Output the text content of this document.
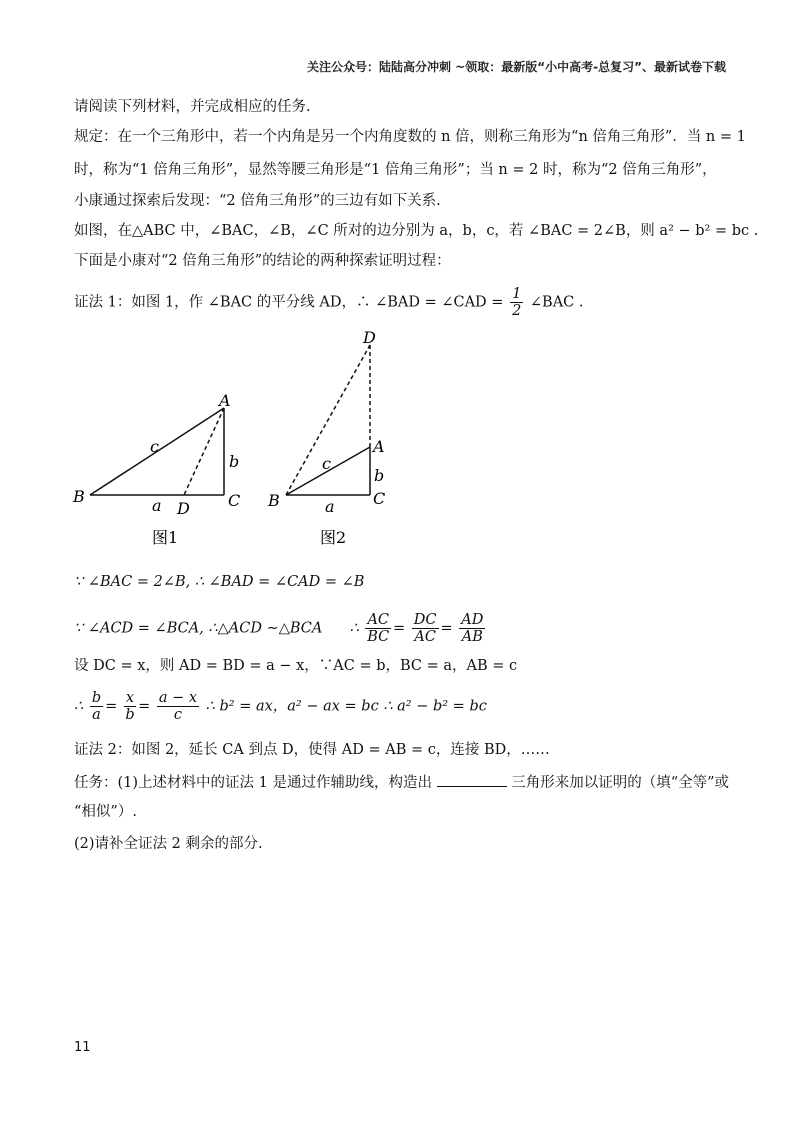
关注公众号：陆陆高分冲刺 ~领取：最新版“小中高考-总复习”、最新试卷下载
请阅读下列材料，并完成相应的任务.
规定：在一个三角形中，若一个内角是另一个内角度数的 n 倍，则称三角形为“n 倍角三角形”．当 n = 1
时，称为“1 倍角三角形”，显然等腰三角形是“1 倍角三角形”；当 n = 2 时，称为“2 倍角三角形”，
小康通过探索后发现：“2 倍角三角形”的三边有如下关系.
如图，在△ABC 中，∠BAC，∠B，∠C 所对的边分别为 a，b，c，若 ∠BAC = 2∠B，则 a² − b² = bc .
下面是小康对“2 倍角三角形”的结论的两种探索证明过程：
证法 1：如图 1，作 ∠BAC 的平分线 AD，∴ ∠BAD = ∠CAD = $\frac{1}{2}$ ∠BAC .
A
B	C
D
a
b
c
图1
D
A
B	C
a
b
c
图2
∵ ∠BAC = 2∠B, ∴ ∠BAD = ∠CAD = ∠B
∵ ∠ACD = ∠BCA, ∴△ACD ∼△BCA ∴ $\frac{AC}{BC} = \frac{DC}{AC} = \frac{AD}{AB}$
设 DC = x，则 AD = BD = a − x，∵AC = b，BC = a，AB = c
∴ $\frac{b}{a} = \frac{x}{b} = \frac{a - x}{c}$ ∴ b² = ax，a² − ax = bc ∴ a² − b² = bc
证法 2：如图 2，延长 CA 到点 D，使得 AD = AB = c，连接 BD，……
任务：(1)上述材料中的证法 1 是通过作辅助线，构造出	三角形来加以证明的（填“全等”或
“相似”）.
(2)请补全证法 2 剩余的部分.
11
